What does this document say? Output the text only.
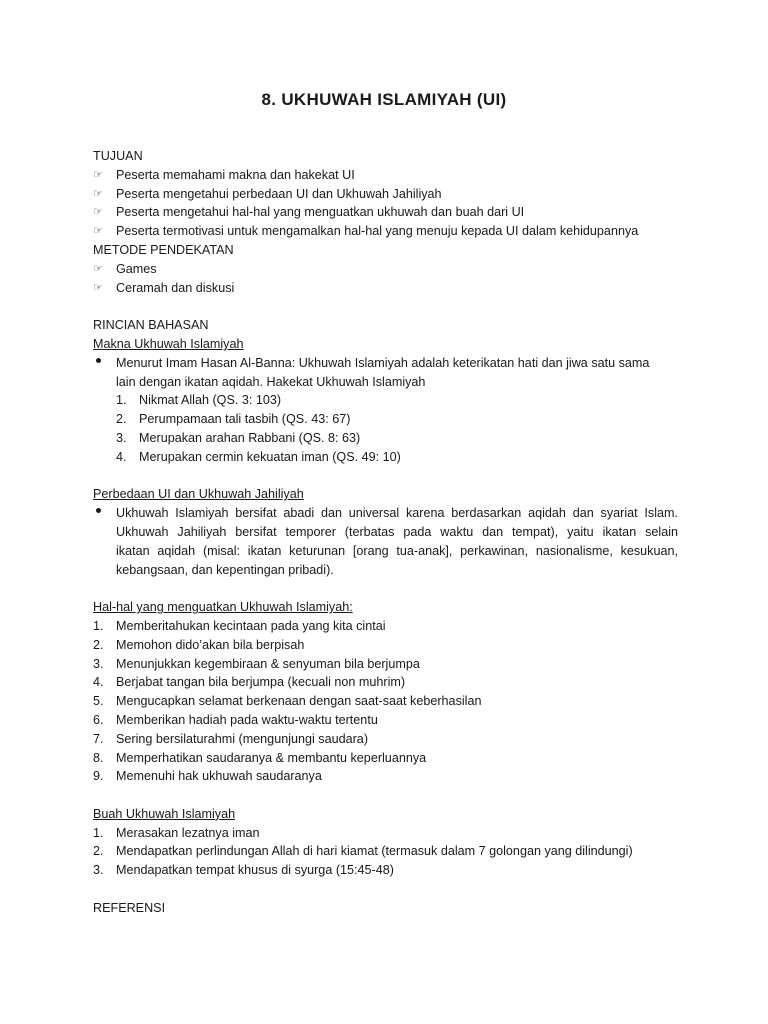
8. UKHUWAH ISLAMIYAH (UI)
TUJUAN
☞	Peserta memahami makna dan hakekat UI
☞	Peserta mengetahui perbedaan UI dan Ukhuwah Jahiliyah
☞	Peserta mengetahui hal-hal yang menguatkan ukhuwah dan buah dari UI
☞	Peserta termotivasi untuk mengamalkan hal-hal yang menuju kepada UI dalam kehidupannya
METODE PENDEKATAN
☞	Games
☞	Ceramah dan diskusi
RINCIAN BAHASAN
Makna Ukhuwah Islamiyah
Menurut Imam Hasan Al-Banna: Ukhuwah Islamiyah adalah keterikatan hati dan jiwa satu sama
lain dengan ikatan aqidah. Hakekat Ukhuwah Islamiyah
1. Nikmat Allah (QS. 3: 103)
2. Perumpamaan tali tasbih (QS. 43: 67)
3. Merupakan arahan Rabbani (QS. 8: 63)
4. Merupakan cermin kekuatan iman (QS. 49: 10)
Perbedaan UI dan Ukhuwah Jahiliyah
Ukhuwah Islamiyah bersifat abadi dan universal karena berdasarkan aqidah dan syariat Islam.
Ukhuwah Jahiliyah bersifat temporer (terbatas pada waktu dan tempat), yaitu ikatan selain
ikatan aqidah (misal: ikatan keturunan [orang tua-anak], perkawinan, nasionalisme, kesukuan,
kebangsaan, dan kepentingan pribadi).
Hal-hal yang menguatkan Ukhuwah Islamiyah:
1. Memberitahukan kecintaan pada yang kita cintai
2. Memohon dido’akan bila berpisah
3. Menunjukkan kegembiraan & senyuman bila berjumpa
4. Berjabat tangan bila berjumpa (kecuali non muhrim)
5. Mengucapkan selamat berkenaan dengan saat-saat keberhasilan
6. Memberikan hadiah pada waktu-waktu tertentu
7. Sering bersilaturahmi (mengunjungi saudara)
8. Memperhatikan saudaranya & membantu keperluannya
9. Memenuhi hak ukhuwah saudaranya
Buah Ukhuwah Islamiyah
1. Merasakan lezatnya iman
2. Mendapatkan perlindungan Allah di hari kiamat (termasuk dalam 7 golongan yang dilindungi)
3. Mendapatkan tempat khusus di syurga (15:45-48)
REFERENSI
